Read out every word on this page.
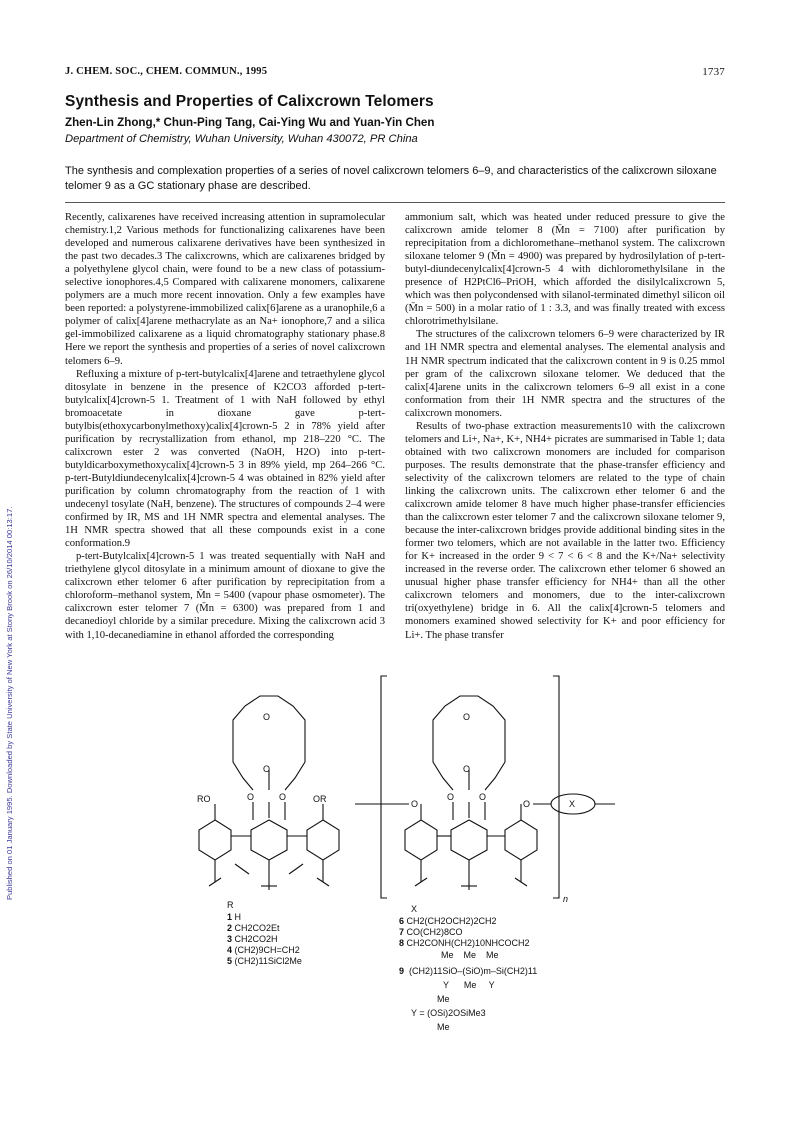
Published on 01 January 1995. Downloaded by State University of New York at Stony Brook on 26/10/2014 00:13:17.
J. CHEM. SOC., CHEM. COMMUN., 1995	1737
Synthesis and Properties of Calixcrown Telomers
Zhen-Lin Zhong,* Chun-Ping Tang, Cai-Ying Wu and Yuan-Yin Chen
Department of Chemistry, Wuhan University, Wuhan 430072, PR China
The synthesis and complexation properties of a series of novel calixcrown telomers 6–9, and characteristics of the calixcrown siloxane telomer 9 as a GC stationary phase are described.

Recently, calixarenes have received increasing attention in supramolecular chemistry.1,2 Various methods for functionalizing calixarenes have been developed and numerous calixarene derivatives have been synthesized in the past two decades.3 The calixcrowns, which are calixarenes bridged by a polyethylene glycol chain, were found to be a new class of potassium-selective ionophores.4,5 Compared with calixarene monomers, calixarene polymers are a much more recent innovation. Only a few examples have been reported: a polystyrene-immobilized calix[6]arene as a uranophile,6 a polymer of calix[4]arene methacrylate as an Na+ ionophore,7 and a silica gel-immobilized calixarene as a liquid chromatography stationary phase.8 Here we report the synthesis and properties of a series of novel calixcrown telomers 6–9.

Refluxing a mixture of p-tert-butylcalix[4]arene and tetraethylene glycol ditosylate in benzene in the presence of K2CO3 afforded p-tert-butylcalix[4]crown-5 1. Treatment of 1 with NaH followed by ethyl bromoacetate in dioxane gave p-tert-butylbis(ethoxycarbonylmethoxy)calix[4]crown-5 2 in 78% yield after purification by recrystallization from ethanol, mp 218–220 °C. The calixcrown ester 2 was converted (NaOH, H2O) into p-tert-butyldicarboxymethoxycalix[4]crown-5 3 in 89% yield, mp 264–266 °C. p-tert-Butyldiundecenylcalix[4]crown-5 4 was obtained in 82% yield after purification by column chromatography from the reaction of 1 with undecenyl tosylate (NaH, benzene). The structures of compounds 2–4 were confirmed by IR, MS and 1H NMR spectra and elemental analyses. The 1H NMR spectra showed that all these compounds exist in a cone conformation.9

p-tert-Butylcalix[4]crown-5 1 was treated sequentially with NaH and triethylene glycol ditosylate in a minimum amount of dioxane to give the calixcrown ether telomer 6 after purification by reprecipitation from a chloroform–methanol system, M̄n = 5400 (vapour phase osmometer). The calixcrown ester telomer 7 (M̄n = 6300) was prepared from 1 and decanedioyl chloride by a similar precedure. Mixing the calixcrown acid 3 with 1,10-decanediamine in ethanol afforded the corresponding

ammonium salt, which was heated under reduced pressure to give the calixcrown amide telomer 8 (M̄n = 7100) after purification by reprecipitation from a dichloromethane–methanol system. The calixcrown siloxane telomer 9 (M̄n = 4900) was prepared by hydrosilylation of p-tert-butyl-diundecenylcalix[4]crown-5 4 with dichloromethylsilane in the presence of H2PtCl6–PriOH, which afforded the disilylcalixcrown 5, which was then polycondensed with silanol-terminated dimethyl silicon oil (M̄n = 500) in a molar ratio of 1 : 3.3, and was finally treated with excess chlorotrimethylsilane.

The structures of the calixcrown telomers 6–9 were characterized by IR and 1H NMR spectra and elemental analyses. The elemental analysis and 1H NMR spectrum indicated that the calixcrown content in 9 is 0.25 mmol per gram of the calixcrown siloxane telomer. We deduced that the calix[4]arene units in the calixcrown telomers 6–9 all exist in a cone conformation from their 1H NMR spectra and the structures of the calixcrown monomers.

Results of two-phase extraction measurements10 with the calixcrown telomers and Li+, Na+, K+, NH4+ picrates are summarised in Table 1; data obtained with two calixcrown monomers are included for comparison purposes. The results demonstrate that the phase-transfer efficiency and selectivity of the calixcrown telomers are related to the type of chain linking the calixcrown units. The calixcrown ether telomer 6 and the calixcrown amide telomer 8 have much higher phase-transfer efficiencies than the calixcrown ester telomer 7 and the calixcrown siloxane telomer 9, because the inter-calixcrown bridges provide additional binding sites in the former two telomers, which are not available in the latter two. Efficiency for K+ increased in the order 9 < 7 < 6 < 8 and the K+/Na+ selectivity increased in the reverse order. The calixcrown ether telomer 6 showed an unusual higher phase transfer efficiency for NH4+ than all the other calixcrown telomers and monomers, due to the inter-calixcrown tri(oxyethylene) bridge in 6. All the calix[4]crown-5 telomers and monomers examined showed selectivity for K+ and poor efficiency for Li+. The phase transfer

O
O
O	O
RO	OR
O
O
O	O
O	O	X
n
R
1 H
2 CH2CO2Et
3 CH2CO2H
4 (CH2)9CH=CH2
5 (CH2)11SiCl2Me
X
6 CH2(CH2OCH2)2CH2
7 CO(CH2)8CO
8 CH2CONH(CH2)10NHCOCH2
Me    Me    Me
9 (CH2)11SiO–(SiO)m–Si(CH2)11
Y      Me     Y
Me
Y = (OSi)2OSiMe3
Me
